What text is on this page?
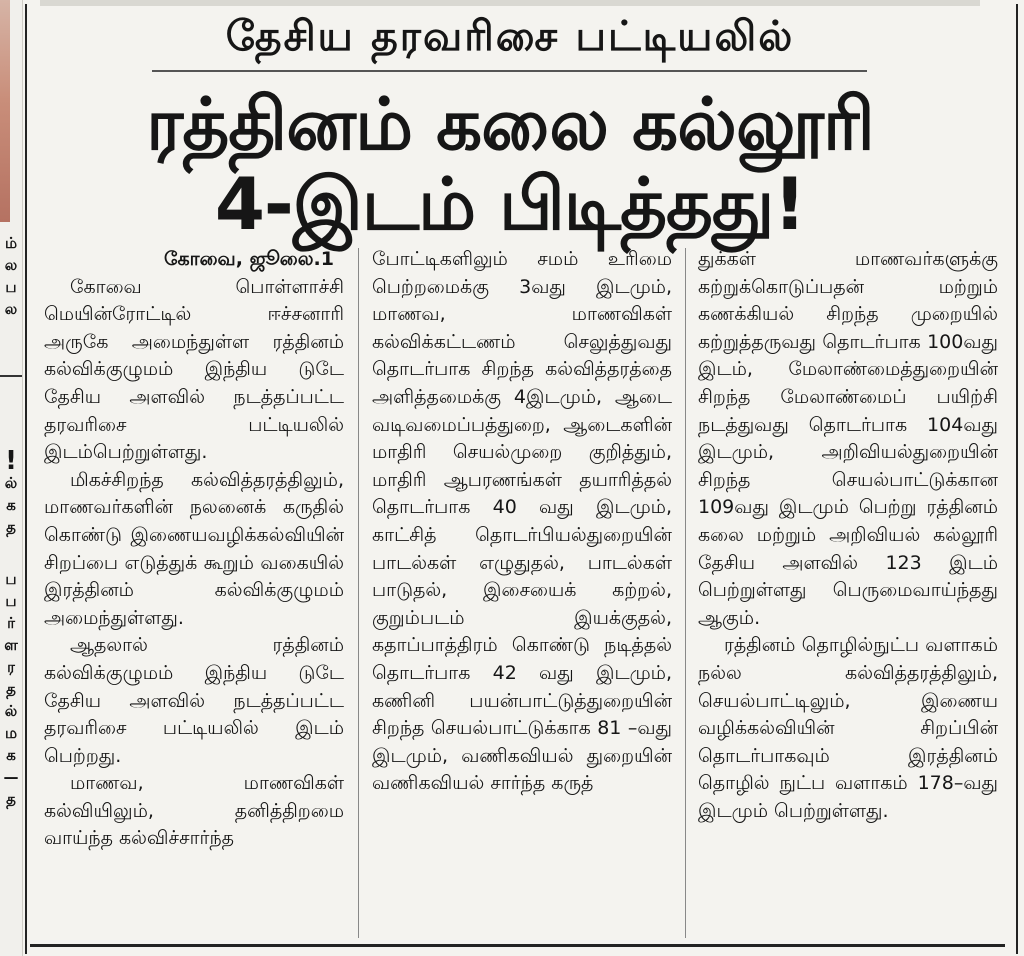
ம்
ல
ப
ல
!
ல்
க
த
ப
ப
ர்
ள
ர
த
ல்
ம
க
—
த
தேசிய தரவரிசை பட்டியலில்
ரத்தினம் கலை கல்லூரி
4-இடம் பிடித்தது!

கோவை, ஜூலை.1

கோவை பொள்ளாச்சி மெயின்ரோட்டில் ஈச்சனாரி அருகே அமைந்துள்ள ரத்தினம் கல்விக்குழுமம் இந்திய டுடே தேசிய அளவில் நடத்தப்பட்ட தரவரிசை பட்டியலில் இடம்பெற்றுள்ளது.

மிகச்சிறந்த கல்வித்தரத்திலும், மாணவர்களின் நலனைக் கருதில் கொண்டு இணையவழிக்கல்வியின் சிறப்பை எடுத்துக் கூறும் வகையில் இரத்தினம் கல்விக்குழுமம் அமைந்துள்ளது.

ஆதலால் ரத்தினம் கல்விக்குழுமம் இந்திய டுடே தேசிய அளவில் நடத்தப்பட்ட தரவரிசை பட்டியலில் இடம் பெற்றது.

மாணவ, மாணவிகள் கல்வியிலும், தனித்திறமை வாய்ந்த கல்விச்சார்ந்த

போட்டிகளிலும் சமம் உரிமை பெற்றமைக்கு 3வது இடமும், மாணவ, மாணவிகள் கல்விக்கட்டணம் செலுத்துவது தொடர்பாக சிறந்த கல்வித்தரத்தை அளித்தமைக்கு 4இடமும், ஆடை வடிவமைப்பத்துறை, ஆடைகளின் மாதிரி செயல்முறை குறித்தும், மாதிரி ஆபரணங்கள் தயாரித்தல் தொடர்பாக 40 வது இடமும், காட்சித் தொடர்பியல்துறையின் பாடல்கள் எழுதுதல், பாடல்கள் பாடுதல், இசையைக் கற்றல், குறும்படம் இயக்குதல், கதாப்பாத்திரம் கொண்டு நடித்தல் தொடர்பாக 42 வது இடமும், கணினி பயன்பாட்டுத்துறையின் சிறந்த செயல்பாட்டுக்காக 81 –வது இடமும், வணிகவியல் துறையின் வணிகவியல் சார்ந்த கருத்

துக்கள் மாணவர்களுக்கு கற்றுக்கொடுப்பதன் மற்றும் கணக்கியல் சிறந்த முறையில் கற்றுத்தருவது தொடர்பாக 100வது இடம், மேலாண்மைத்துறையின் சிறந்த மேலாண்மைப் பயிற்சி நடத்துவது தொடர்பாக 104வது இடமும், அறிவியல்துறையின் சிறந்த செயல்பாட்டுக்கான 109வது இடமும் பெற்று ரத்தினம் கலை மற்றும் அறிவியல் கல்லூரி தேசிய அளவில் 123 இடம் பெற்றுள்ளது பெருமைவாய்ந்தது ஆகும்.

ரத்தினம் தொழில்நுட்ப வளாகம் நல்ல கல்வித்தரத்திலும், செயல்பாட்டிலும், இணைய வழிக்கல்வியின் சிறப்பின் தொடர்பாகவும் இரத்தினம் தொழில் நுட்ப வளாகம் 178–வது இடமும் பெற்றுள்ளது.
